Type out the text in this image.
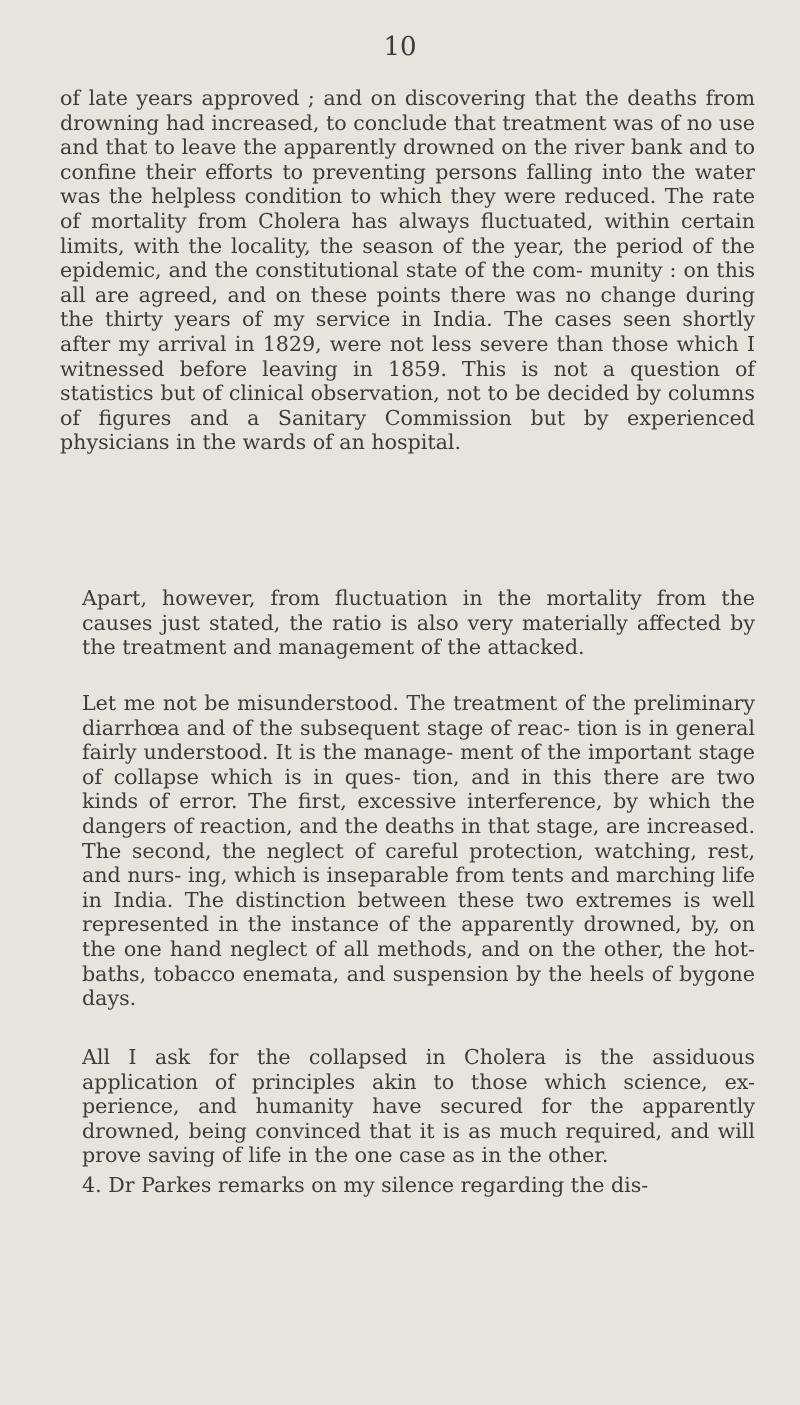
10

of late years approved ; and on discovering that the deaths from drowning had increased, to conclude that treatment was of no use and that to leave the apparently drowned on the river bank and to confine their efforts to preventing persons falling into the water was the helpless condition to which they were reduced. The rate of mortality from Cholera has always fluctuated, within certain limits, with the locality, the season of the year, the period of the epidemic, and the constitutional state of the com- munity : on this all are agreed, and on these points there was no change during the thirty years of my service in India. The cases seen shortly after my arrival in 1829, were not less severe than those which I witnessed before leaving in 1859. This is not a question of statistics but of clinical observation, not to be decided by columns of figures and a Sanitary Commission but by experienced physicians in the wards of an hospital.

Apart, however, from fluctuation in the mortality from the causes just stated, the ratio is also very materially affected by the treatment and management of the attacked.

Let me not be misunderstood. The treatment of the preliminary diarrhœa and of the subsequent stage of reac- tion is in general fairly understood. It is the manage- ment of the important stage of collapse which is in ques- tion, and in this there are two kinds of error. The first, excessive interference, by which the dangers of reaction, and the deaths in that stage, are increased. The second, the neglect of careful protection, watching, rest, and nurs- ing, which is inseparable from tents and marching life in India. The distinction between these two extremes is well represented in the instance of the apparently drowned, by, on the one hand neglect of all methods, and on the other, the hot-baths, tobacco enemata, and suspension by the heels of bygone days.

All I ask for the collapsed in Cholera is the assiduous application of principles akin to those which science, ex- perience, and humanity have secured for the apparently drowned, being convinced that it is as much required, and will prove saving of life in the one case as in the other.

4. Dr Parkes remarks on my silence regarding the dis-
